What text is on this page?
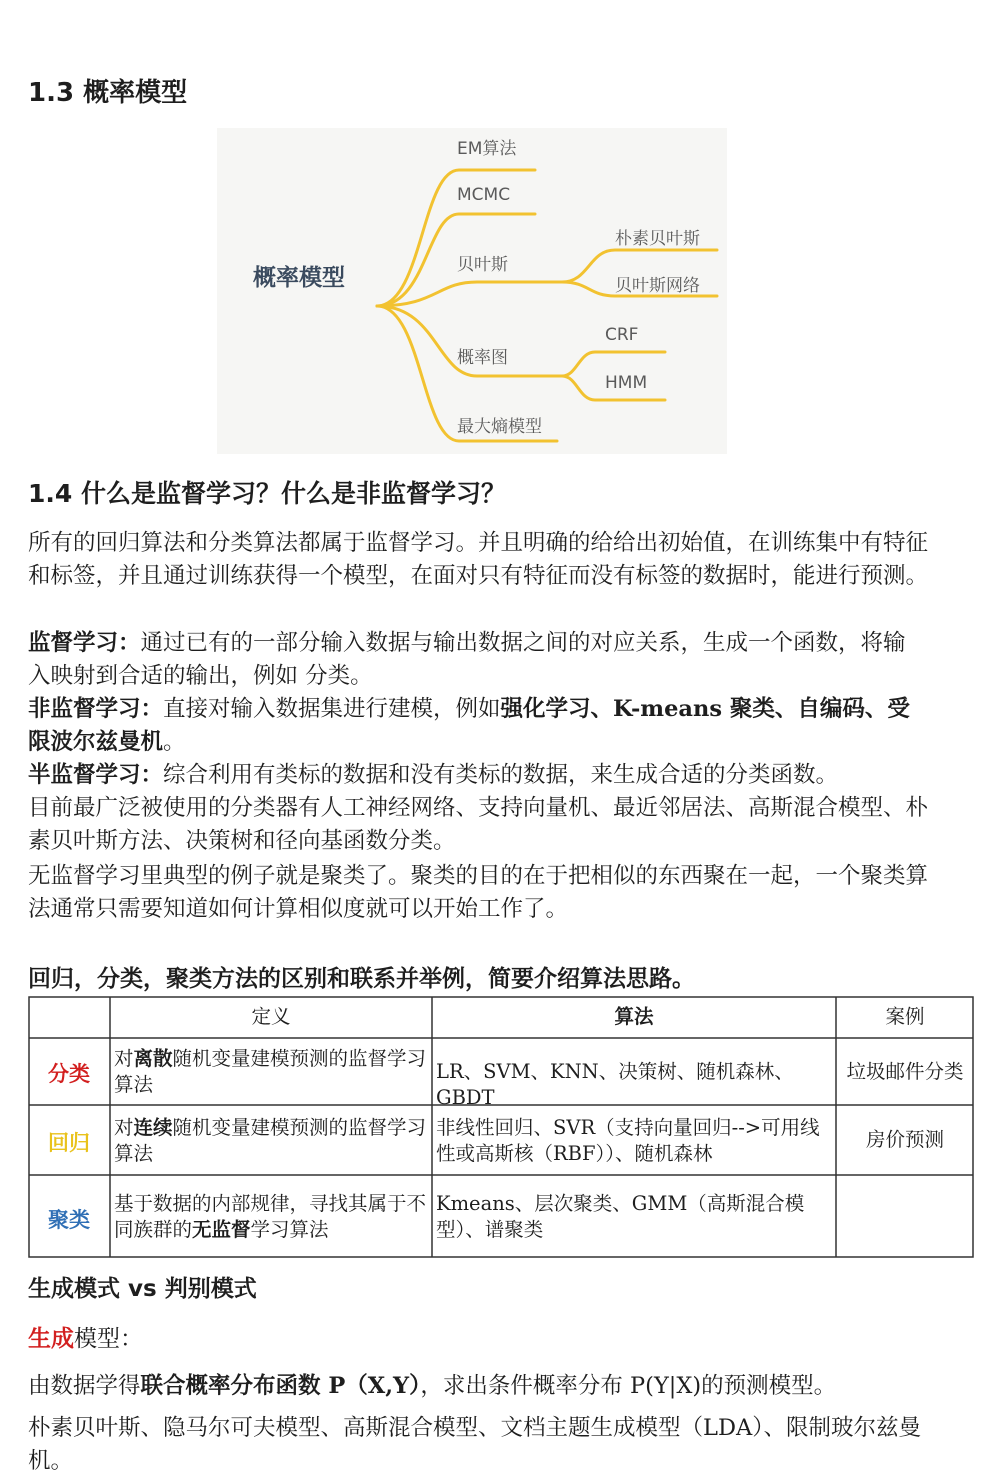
1.3 概率模型
概率模型
EM算法
MCMC
贝叶斯
朴素贝叶斯
贝叶斯网络
概率图
CRF
HMM
最大熵模型
1.4 什么是监督学习？什么是非监督学习？
所有的回归算法和分类算法都属于监督学习。并且明确的给给出初始值，在训练集中有特征和标签，并且通过训练获得一个模型，在面对只有特征而没有标签的数据时，能进行预测。
监督学习：通过已有的一部分输入数据与输出数据之间的对应关系，生成一个函数，将输入映射到合适的输出，例如 分类。
非监督学习：直接对输入数据集进行建模，例如强化学习、K-means 聚类、自编码、受限波尔兹曼机。
半监督学习：综合利用有类标的数据和没有类标的数据，来生成合适的分类函数。
目前最广泛被使用的分类器有人工神经网络、支持向量机、最近邻居法、高斯混合模型、朴素贝叶斯方法、决策树和径向基函数分类。
无监督学习里典型的例子就是聚类了。聚类的目的在于把相似的东西聚在一起，一个聚类算法通常只需要知道如何计算相似度就可以开始工作了。
回归，分类，聚类方法的区别和联系并举例，简要介绍算法思路。
定义	算法	案例
分类
对离散随机变量建模预测的监督学习算法
LR、SVM、KNN、决策树、随机森林、GBDT
垃圾邮件分类
回归
对连续随机变量建模预测的监督学习算法
非线性回归、SVR（支持向量回归-->可用线性或高斯核（RBF））、随机森林
房价预测
聚类
基于数据的内部规律，寻找其属于不同族群的无监督学习算法
Kmeans、层次聚类、GMM（高斯混合模型）、谱聚类
生成模式 vs 判别模式
生成模型：
由数据学得联合概率分布函数 P（X,Y），求出条件概率分布 P(Y|X)的预测模型。
朴素贝叶斯、隐马尔可夫模型、高斯混合模型、文档主题生成模型（LDA）、限制玻尔兹曼机。
